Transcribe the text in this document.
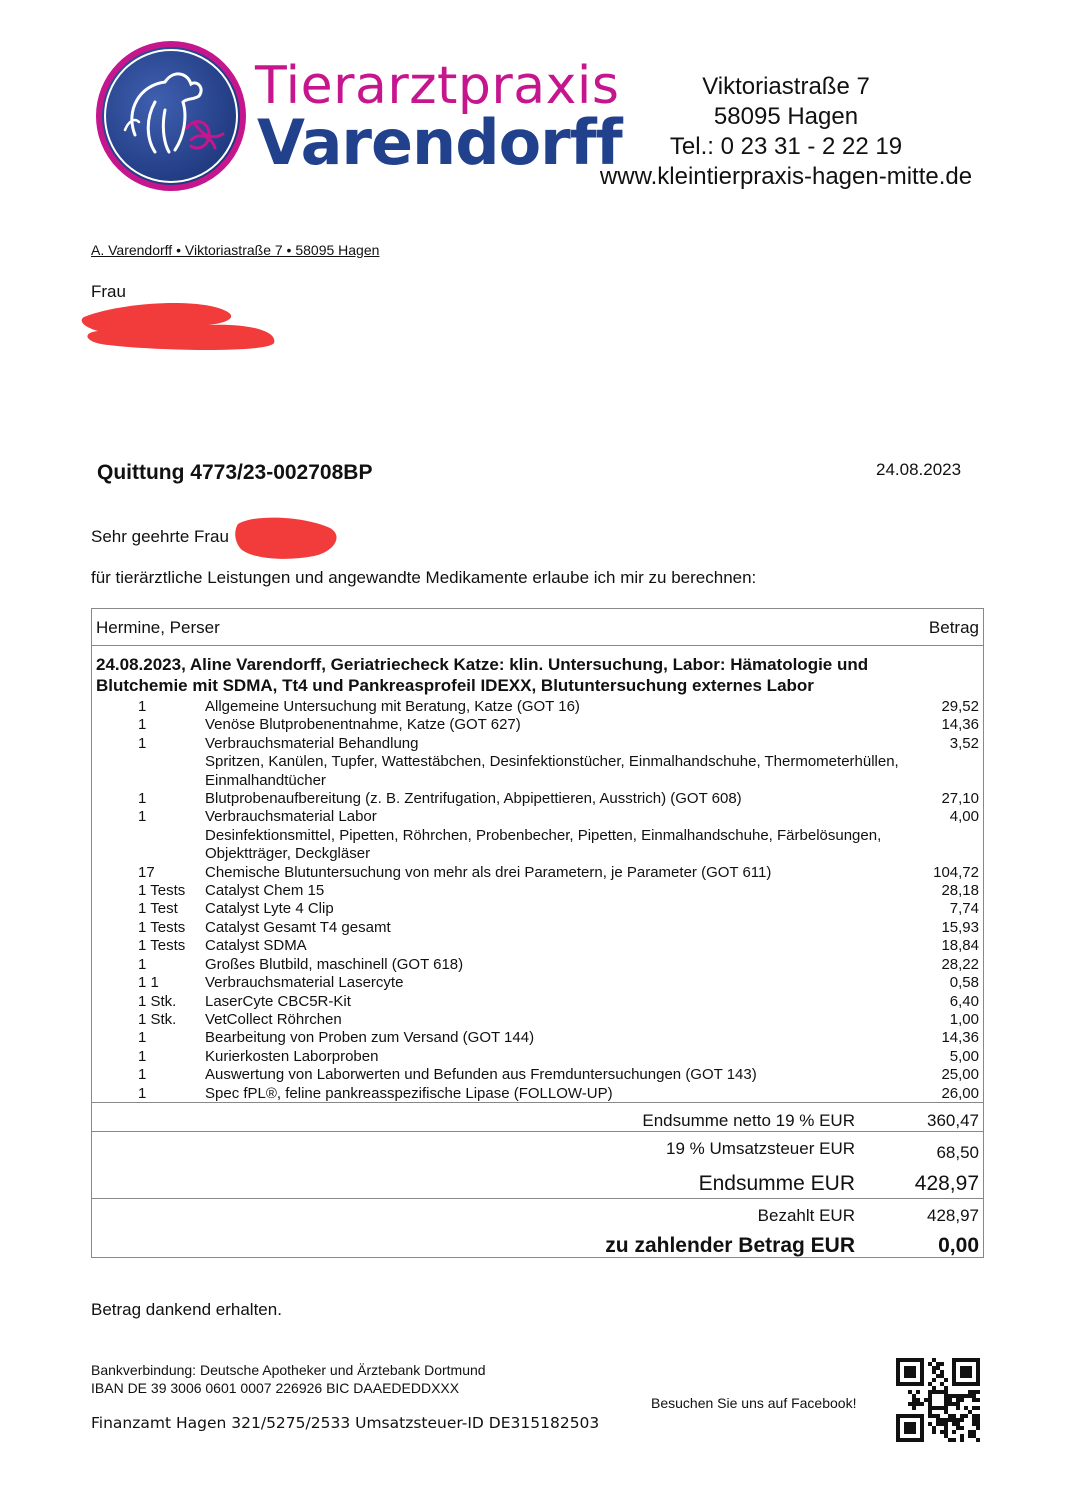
Tierarztpraxis
Varendorff
Viktoriastraße 7
58095 Hagen
Tel.: 0 23 31 - 2 22 19
www.kleintierpraxis-hagen-mitte.de
A. Varendorff • Viktoriastraße 7 • 58095 Hagen
Frau
Quittung 4773/23-002708BP	24.08.2023
Sehr geehrte Frau
für tierärztliche Leistungen und angewandte Medikamente erlaube ich mir zu berechnen:
Hermine, Perser	Betrag
24.08.2023, Aline Varendorff, Geriatriecheck Katze: klin. Untersuchung, Labor: Hämatologie und Blutchemie mit SDMA, Tt4 und Pankreasprofeil IDEXX, Blutuntersuchung externes Labor
1	Allgemeine Untersuchung mit Beratung, Katze (GOT 16)	29,52
1	Venöse Blutprobenentnahme, Katze (GOT 627)	14,36
1	Verbrauchsmaterial Behandlung	3,52
Spritzen, Kanülen, Tupfer, Wattestäbchen, Desinfektionstücher, Einmalhandschuhe, Thermometerhüllen, Einmalhandtücher
1	Blutprobenaufbereitung (z. B. Zentrifugation, Abpipettieren, Ausstrich) (GOT 608)	27,10
1	Verbrauchsmaterial Labor	4,00
Desinfektionsmittel, Pipetten, Röhrchen, Probenbecher, Pipetten, Einmalhandschuhe, Färbelösungen, Objektträger, Deckgläser
17	Chemische Blutuntersuchung von mehr als drei Parametern, je Parameter (GOT 611)	104,72
1 Tests Catalyst Chem 15	28,18
1 Test Catalyst Lyte 4 Clip	7,74
1 Tests Catalyst Gesamt T4 gesamt	15,93
1 Tests Catalyst SDMA	18,84
1	Großes Blutbild, maschinell (GOT 618)	28,22
1 1	Verbrauchsmaterial Lasercyte	0,58
1 Stk. LaserCyte CBC5R-Kit	6,40
1 Stk. VetCollect Röhrchen	1,00
1	Bearbeitung von Proben zum Versand (GOT 144)	14,36
1	Kurierkosten Laborproben	5,00
1	Auswertung von Laborwerten und Befunden aus Fremduntersuchungen (GOT 143)	25,00
1	Spec fPL®, feline pankreasspezifische Lipase (FOLLOW-UP)	26,00
Endsumme netto 19 % EUR	360,47
19 % Umsatzsteuer EUR	68,50
Endsumme EUR	428,97
Bezahlt EUR	428,97
zu zahlender Betrag EUR	0,00
Betrag dankend erhalten.
Bankverbindung: Deutsche Apotheker und Ärztebank Dortmund
IBAN DE 39 3006 0601 0007 226926 BIC DAAEDEDDXXX
Finanzamt Hagen 321/5275/2533 Umsatzsteuer-ID DE315182503
Besuchen Sie uns auf Facebook!
